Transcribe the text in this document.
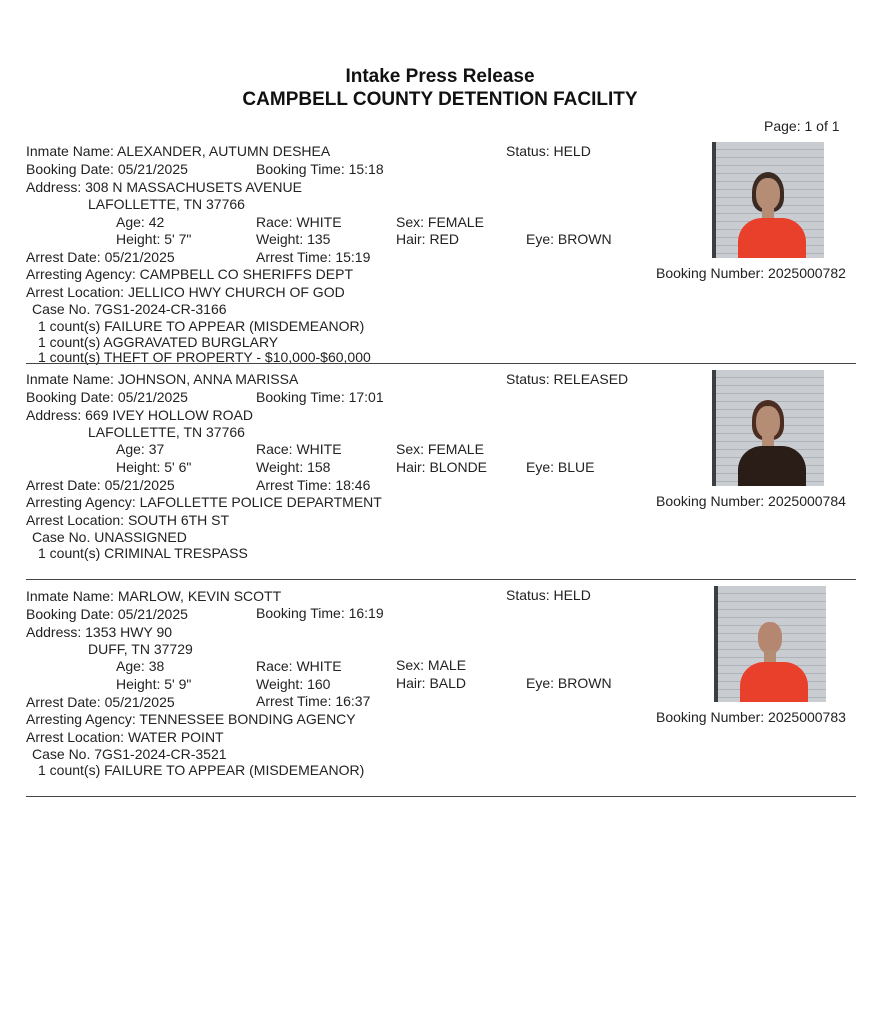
Intake Press Release
CAMPBELL COUNTY DETENTION FACILITY
Page: 1 of 1
Inmate Name: ALEXANDER, AUTUMN DESHEA	Status: HELD
Booking Date: 05/21/2025	Booking Time: 15:18
Address: 308 N MASSACHUSETS AVENUE
LAFOLLETTE, TN 37766
Age: 42	Race: WHITE	Sex: FEMALE
Height: 5' 7"	Weight: 135	Hair: RED	Eye: BROWN
Arrest Date: 05/21/2025	Arrest Time: 15:19
Arresting Agency: CAMPBELL CO SHERIFFS DEPT
Arrest Location: JELLICO HWY CHURCH OF GOD
Case No. 7GS1-2024-CR-3166
1 count(s) FAILURE TO APPEAR (MISDEMEANOR)
1 count(s) AGGRAVATED BURGLARY
1 count(s) THEFT OF PROPERTY - $10,000-$60,000
Booking Number: 2025000782
Inmate Name: JOHNSON, ANNA MARISSA	Status: RELEASED
Booking Date: 05/21/2025	Booking Time: 17:01
Address: 669 IVEY HOLLOW ROAD
LAFOLLETTE, TN 37766
Age: 37	Race: WHITE	Sex: FEMALE
Height: 5' 6"	Weight: 158	Hair: BLONDE	Eye: BLUE
Arrest Date: 05/21/2025	Arrest Time: 18:46
Arresting Agency: LAFOLLETTE POLICE DEPARTMENT
Arrest Location: SOUTH 6TH ST
Case No. UNASSIGNED
1 count(s) CRIMINAL TRESPASS
Booking Number: 2025000784
Inmate Name: MARLOW, KEVIN SCOTT	Status: HELD
Booking Date: 05/21/2025	Booking Time: 16:19
Address: 1353 HWY 90
DUFF, TN 37729
Age: 38	Race: WHITE	Sex: MALE
Height: 5' 9"	Weight: 160	Hair: BALD	Eye: BROWN
Arrest Date: 05/21/2025	Arrest Time: 16:37
Arresting Agency: TENNESSEE BONDING AGENCY
Arrest Location: WATER POINT
Case No. 7GS1-2024-CR-3521
1 count(s) FAILURE TO APPEAR (MISDEMEANOR)
Booking Number: 2025000783
